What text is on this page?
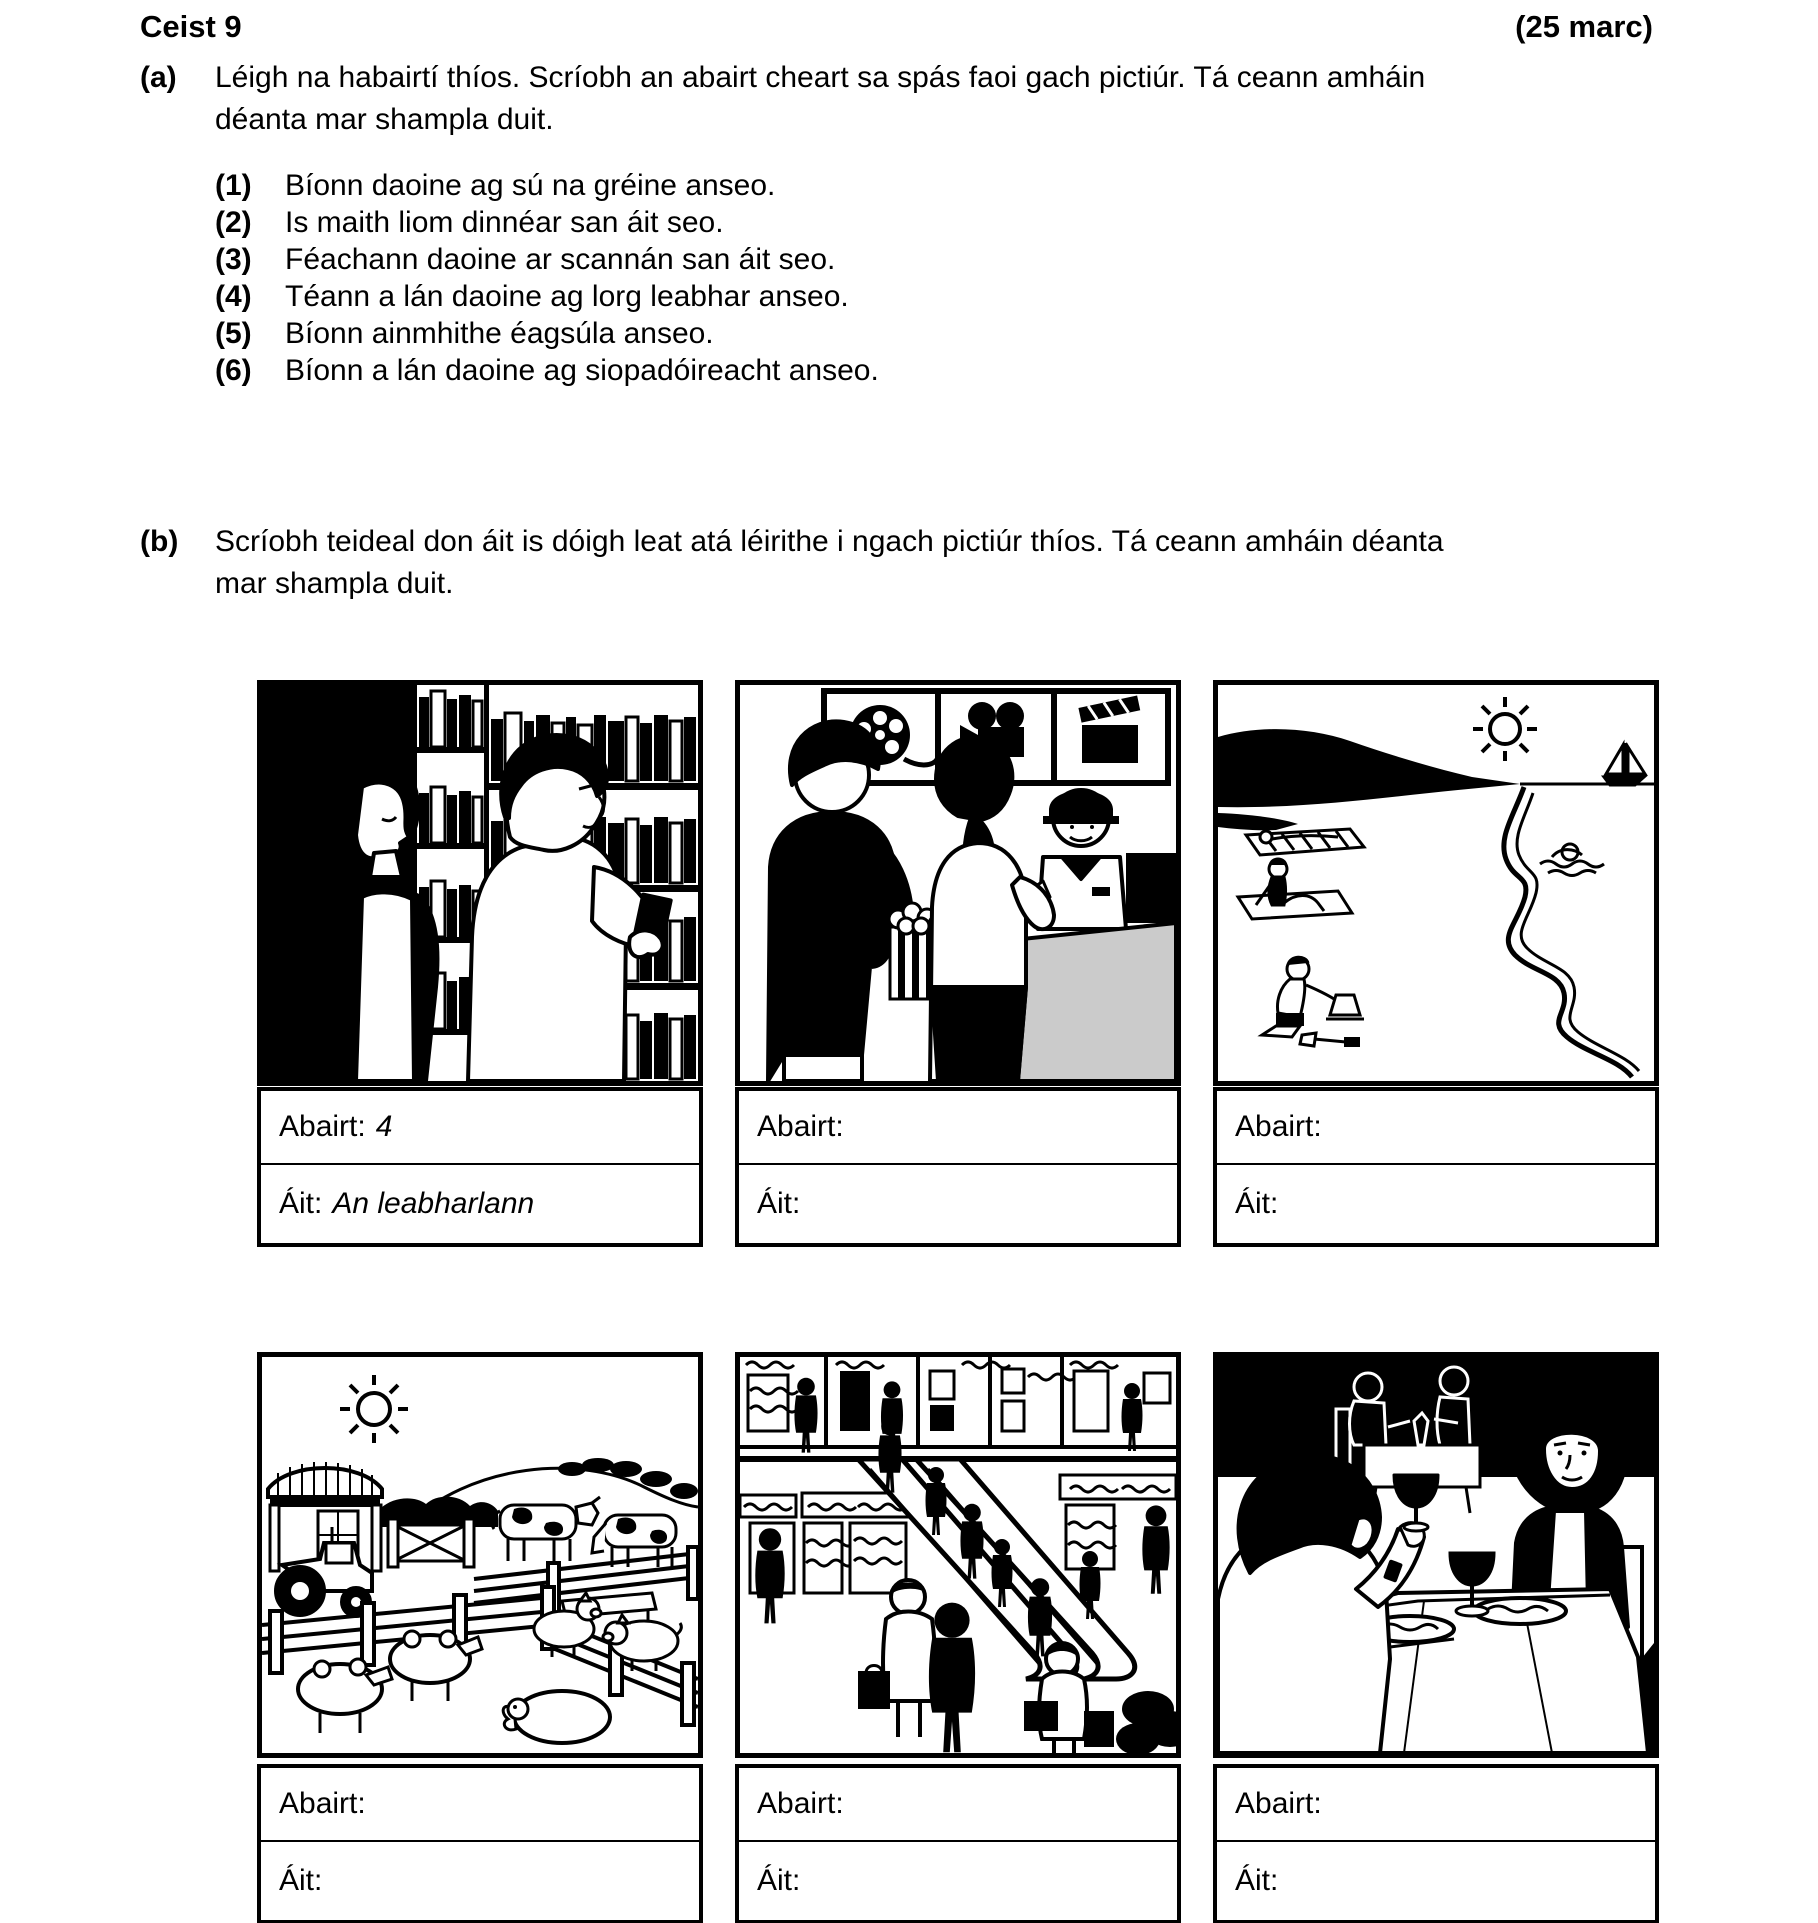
Ceist 9	(25 marc)
(a) Léigh na habairtí thíos. Scríobh an abairt cheart sa spás faoi gach pictiúr. Tá ceann amháin
déanta mar shampla duit.
(1)	Bíonn daoine ag sú na gréine anseo.
(2)	Is maith liom dinnéar san áit seo.
(3)	Féachann daoine ar scannán san áit seo.
(4)	Téann a lán daoine ag lorg leabhar anseo.
(5)	Bíonn ainmhithe éagsúla anseo.
(6)	Bíonn a lán daoine ag siopadóireacht anseo.
(b) Scríobh teideal don áit is dóigh leat atá léirithe i ngach pictiúr thíos. Tá ceann amháin déanta
mar shampla duit.
Abairt: 4
Áit: An leabharlann
Abairt:
Áit:
Abairt:
Áit:
Abairt:
Áit:
Abairt:
Áit:
Abairt:
Áit:
